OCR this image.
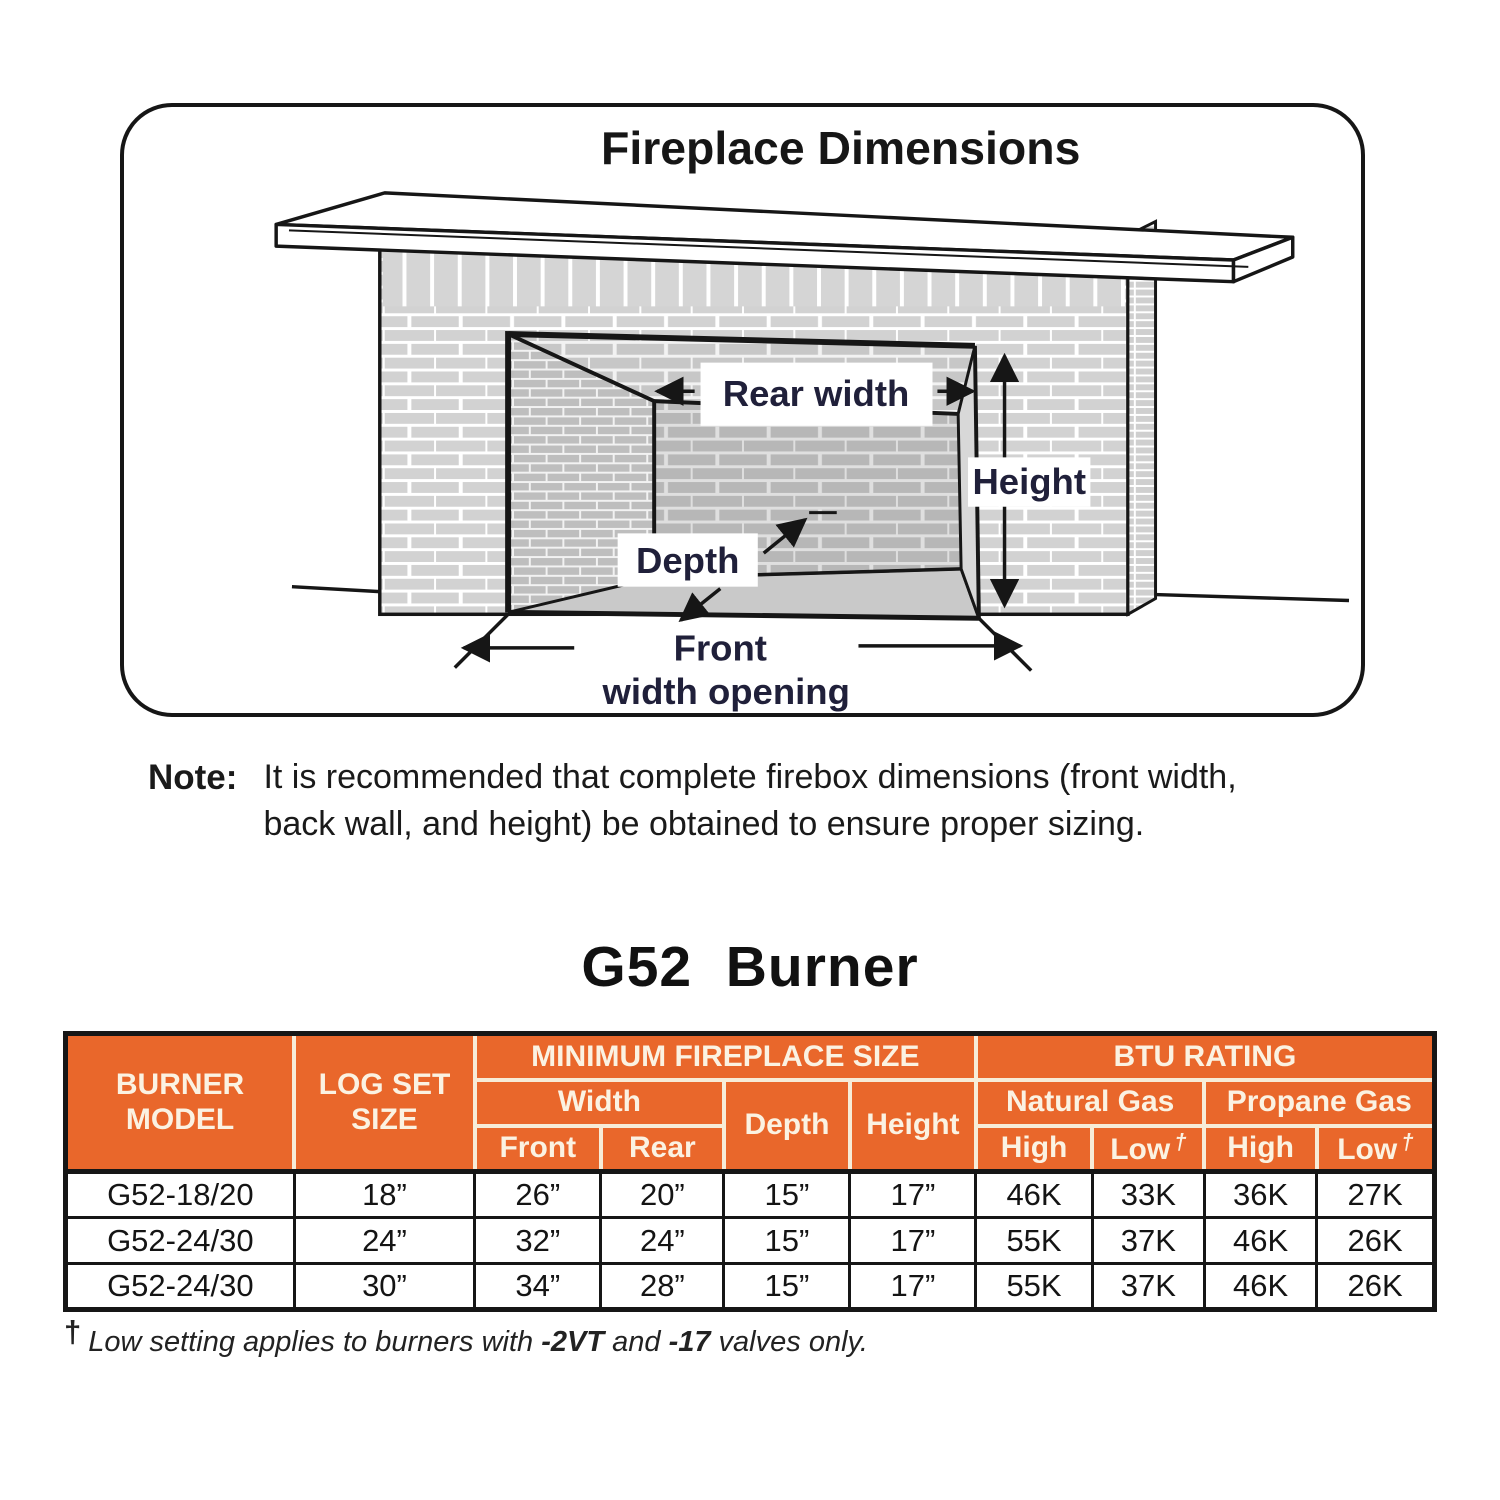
Fireplace Dimensions
Rear width
Height
Depth
Front
width opening
Note: It is recommended that complete firebox dimensions (front width,
back wall, and height) be obtained to ensure proper sizing.
G52  Burner
BURNER MODEL	LOG SET SIZE	MINIMUM FIREPLACE SIZE				BTU RATING			
		Width		Depth	Height	Natural Gas		Propane Gas	
		Front	Rear			High	Low †	High	Low †
G52-18/20	18”	26”	20”	15”	17”	46K	33K	36K	27K
G52-24/30	24”	32”	24”	15”	17”	55K	37K	46K	26K
G52-24/30	30”	34”	28”	15”	17”	55K	37K	46K	26K
† Low setting applies to burners with -2VT and -17 valves only.
